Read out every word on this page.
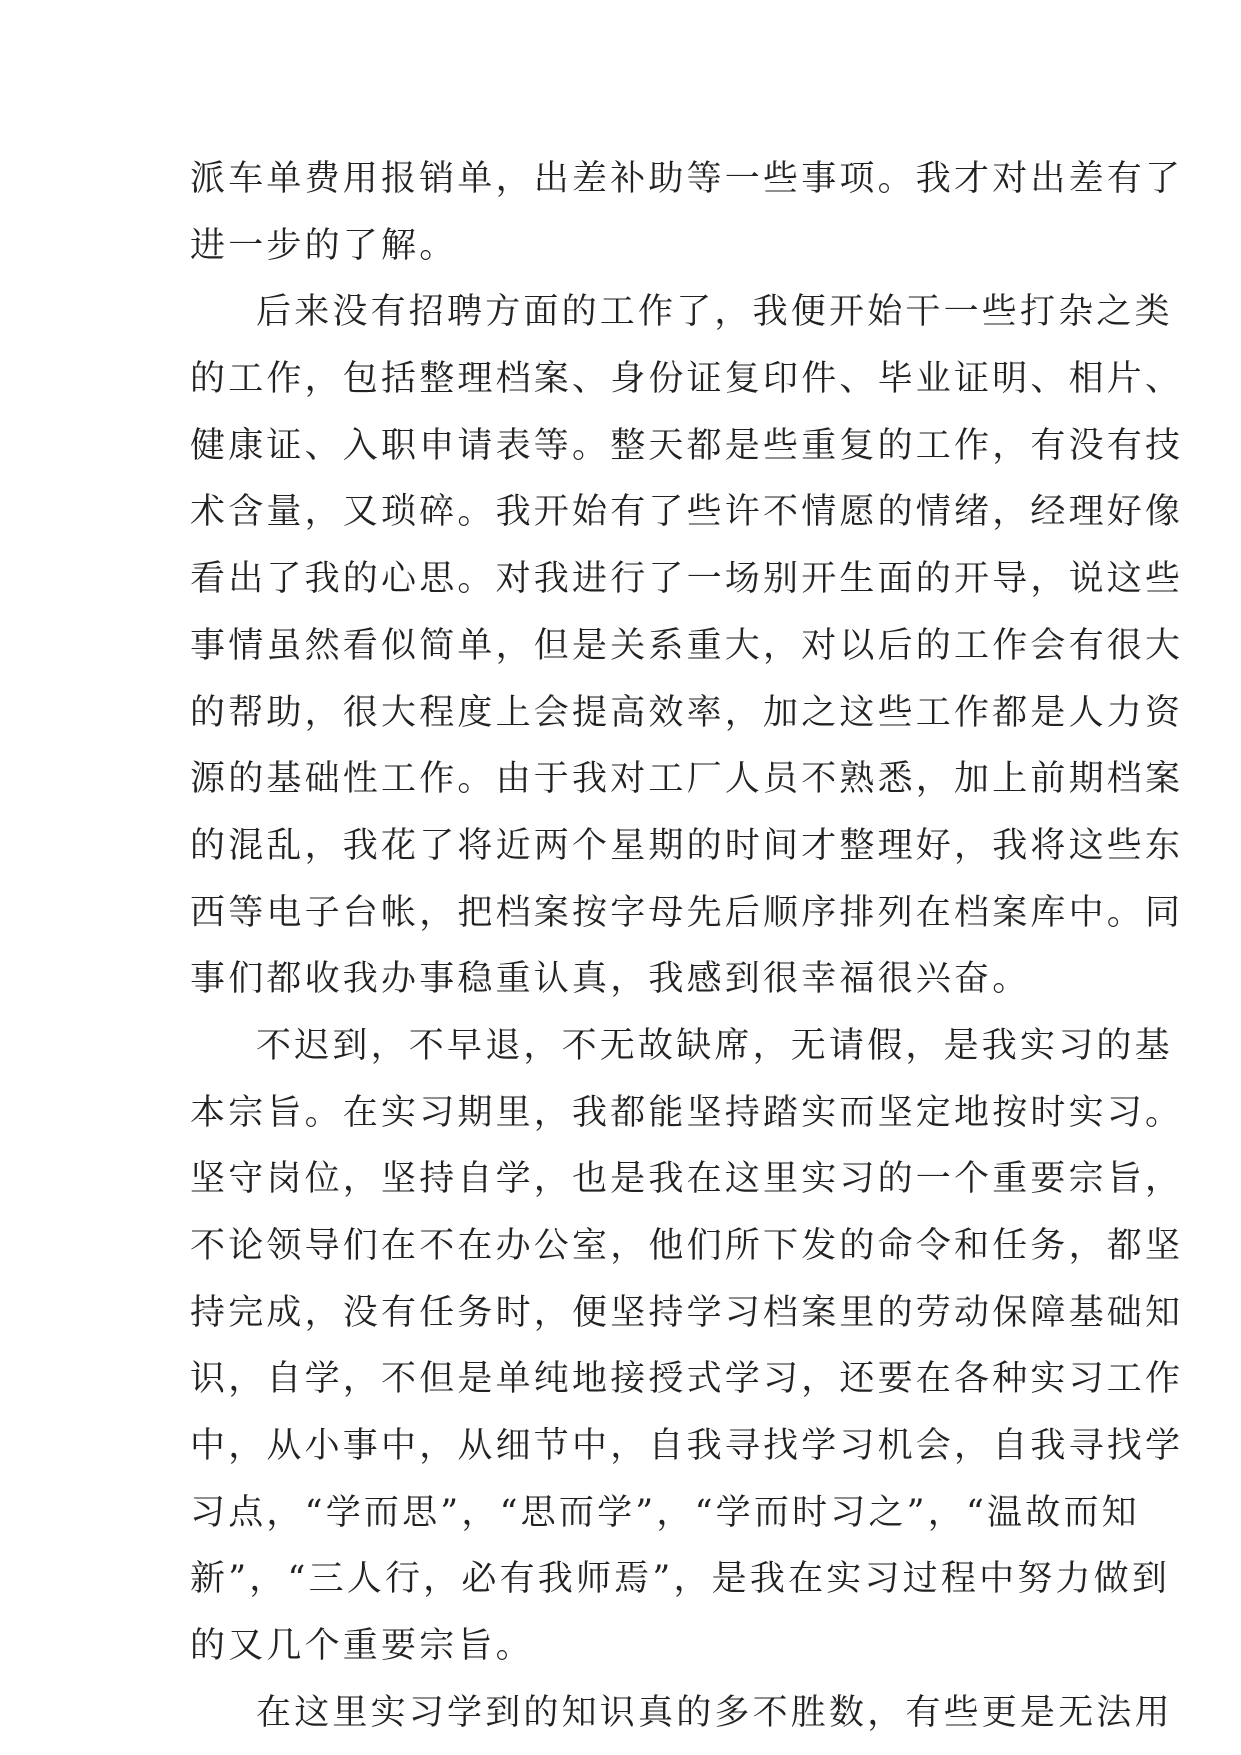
派车单费用报销单，出差补助等一些事项。我才对出差有了
进一步的了解。
后来没有招聘方面的工作了，我便开始干一些打杂之类
的工作，包括整理档案、身份证复印件、毕业证明、相片、
健康证、入职申请表等。整天都是些重复的工作，有没有技
术含量，又琐碎。我开始有了些许不情愿的情绪，经理好像
看出了我的心思。对我进行了一场别开生面的开导，说这些
事情虽然看似简单，但是关系重大，对以后的工作会有很大
的帮助，很大程度上会提高效率，加之这些工作都是人力资
源的基础性工作。由于我对工厂人员不熟悉，加上前期档案
的混乱，我花了将近两个星期的时间才整理好，我将这些东
西等电子台帐，把档案按字母先后顺序排列在档案库中。同
事们都收我办事稳重认真，我感到很幸福很兴奋。
不迟到，不早退，不无故缺席，无请假，是我实习的基
本宗旨。在实习期里，我都能坚持踏实而坚定地按时实习。
坚守岗位，坚持自学，也是我在这里实习的一个重要宗旨，
不论领导们在不在办公室，他们所下发的命令和任务，都坚
持完成，没有任务时，便坚持学习档案里的劳动保障基础知
识，自学，不但是单纯地接授式学习，还要在各种实习工作
中，从小事中，从细节中，自我寻找学习机会，自我寻找学
习点，“学而思”，“思而学”，“学而时习之”，“温故而知
新”，“三人行，必有我师焉”，是我在实习过程中努力做到
的又几个重要宗旨。
在这里实习学到的知识真的多不胜数，有些更是无法用
